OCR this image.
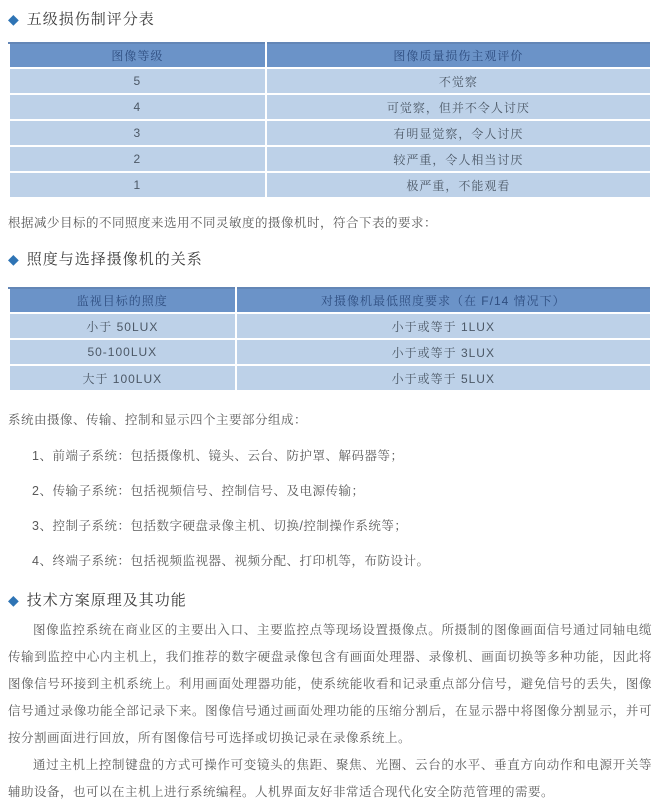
◆ 五级损伤制评分表
图像等级	图像质量损伤主观评价
5	不觉察
4	可觉察，但并不令人讨厌
3	有明显觉察，令人讨厌
2	较严重，令人相当讨厌
1	极严重，不能观看

根据减少目标的不同照度来选用不同灵敏度的摄像机时，符合下表的要求：

◆ 照度与选择摄像机的关系
监视目标的照度	对摄像机最低照度要求（在 F/14 情况下）
小于 50LUX	小于或等于 1LUX
50-100LUX	小于或等于 3LUX
大于 100LUX	小于或等于 5LUX

系统由摄像、传输、控制和显示四个主要部分组成：

1、前端子系统：包括摄像机、镜头、云台、防护罩、解码器等；
2、传输子系统：包括视频信号、控制信号、及电源传输；
3、控制子系统：包括数字硬盘录像主机、切换/控制操作系统等；
4、终端子系统：包括视频监视器、视频分配、打印机等，布防设计。
◆ 技术方案原理及其功能

图像监控系统在商业区的主要出入口、主要监控点等现场设置摄像点。所摄制的图像画面信号通过同轴电缆传输到监控中心内主机上，我们推荐的数字硬盘录像包含有画面处理器、录像机、画面切换等多种功能，因此将图像信号环接到主机系统上。利用画面处理器功能，使系统能收看和记录重点部分信号，避免信号的丢失，图像信号通过录像功能全部记录下来。图像信号通过画面处理功能的压缩分割后，在显示器中将图像分割显示，并可按分割画面进行回放，所有图像信号可选择或切换记录在录像系统上。

通过主机上控制键盘的方式可操作可变镜头的焦距、聚焦、光圈、云台的水平、垂直方向动作和电源开关等辅助设备，也可以在主机上进行系统编程。人机界面友好非常适合现代化安全防范管理的需要。
